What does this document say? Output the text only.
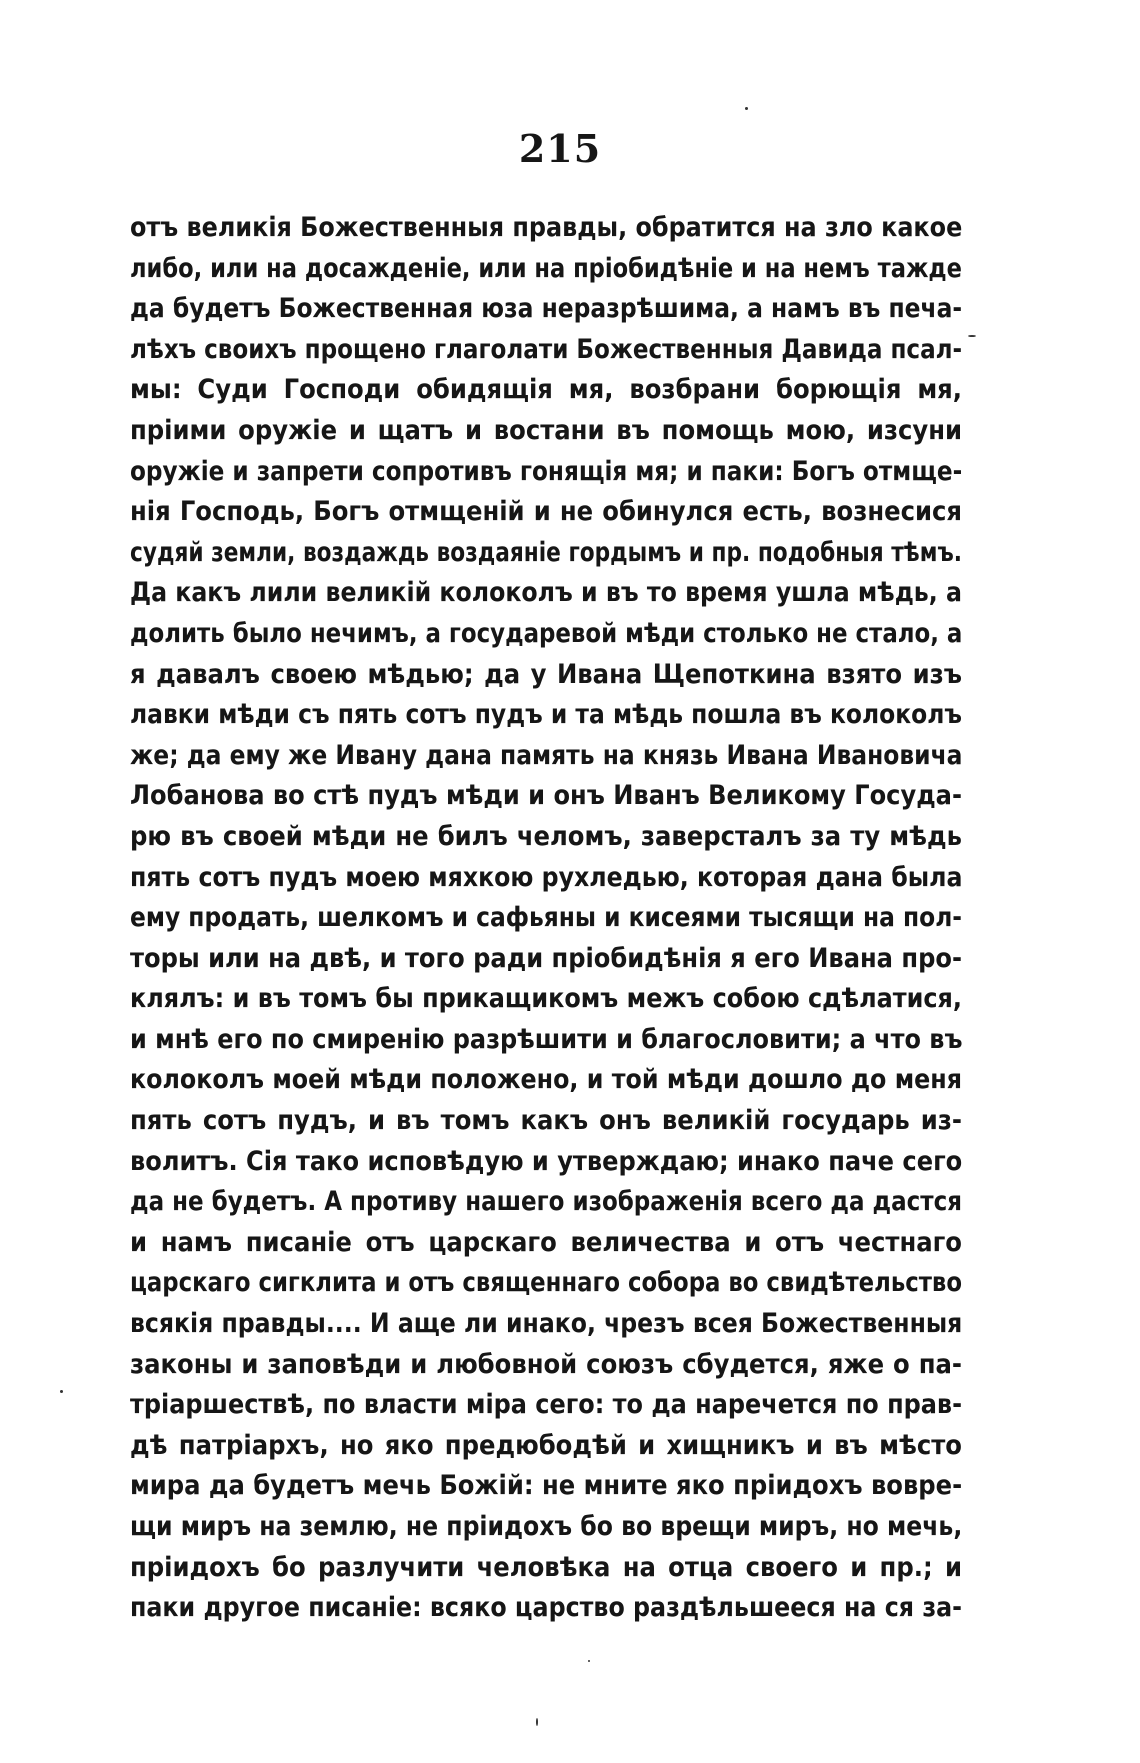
215
отъ великія Божественныя правды, обратится на зло какое
либо, или на досажденіе, или на пріобидѣніе и на немъ тажде
да будетъ Божественная юза неразрѣшима, а намъ въ печа-
лѣхъ своихъ прощено глаголати Божественныя Давида псал-
мы: Суди Господи обидящія мя, возбрани борющія мя,
пріими оружіе и щатъ и востани въ помощь мою, изсуни
оружіе и запрети сопротивъ гонящія мя; и паки: Богъ отмще-
нія Господь, Богъ отмщеній и не обинулся есть, вознесися
судяй земли, воздаждь воздаяніе гордымъ и пр. подобныя тѣмъ.
Да какъ лили великій колоколъ и въ то время ушла мѣдь, а
долить было нечимъ, а государевой мѣди столько не стало, а
я давалъ своею мѣдью; да у Ивана Щепоткина взято изъ
лавки мѣди съ пять сотъ пудъ и та мѣдь пошла въ колоколъ
же; да ему же Ивану дана память на князь Ивана Ивановича
Лобанова во стѣ пудъ мѣди и онъ Иванъ Великому Госуда-
рю въ своей мѣди не билъ челомъ, заверсталъ за ту мѣдь
пять сотъ пудъ моею мяхкою рухледью, которая дана была
ему продать, шелкомъ и сафьяны и кисеями тысящи на пол-
торы или на двѣ, и того ради пріобидѣнія я его Ивана про-
клялъ: и въ томъ бы прикащикомъ межъ собою сдѣлатися,
и мнѣ его по смиренію разрѣшити и благословити; а что въ
колоколъ моей мѣди положено, и той мѣди дошло до меня
пять сотъ пудъ, и въ томъ какъ онъ великій государь из-
волитъ. Сія тако исповѣдую и утверждаю; инако паче сего
да не будетъ. А противу нашего изображенія всего да дастся
и намъ писаніе отъ царскаго величества и отъ честнаго
царскаго сигклита и отъ священнаго собора во свидѣтельство
всякія правды.... И аще ли инако, чрезъ всея Божественныя
законы и заповѣди и любовной союзъ сбудется, яже о па-
тріаршествѣ, по власти міра сего: то да наречется по прав-
дѣ патріархъ, но яко предюбодѣй и хищникъ и въ мѣсто
мира да будетъ мечь Божій: не мните яко пріидохъ вовре-
щи миръ на землю, не пріидохъ бо во врещи миръ, но мечь,
пріидохъ бо разлучити человѣка на отца своего и пр.; и
паки другое писаніе: всяко царство раздѣльшееся на ся за-
